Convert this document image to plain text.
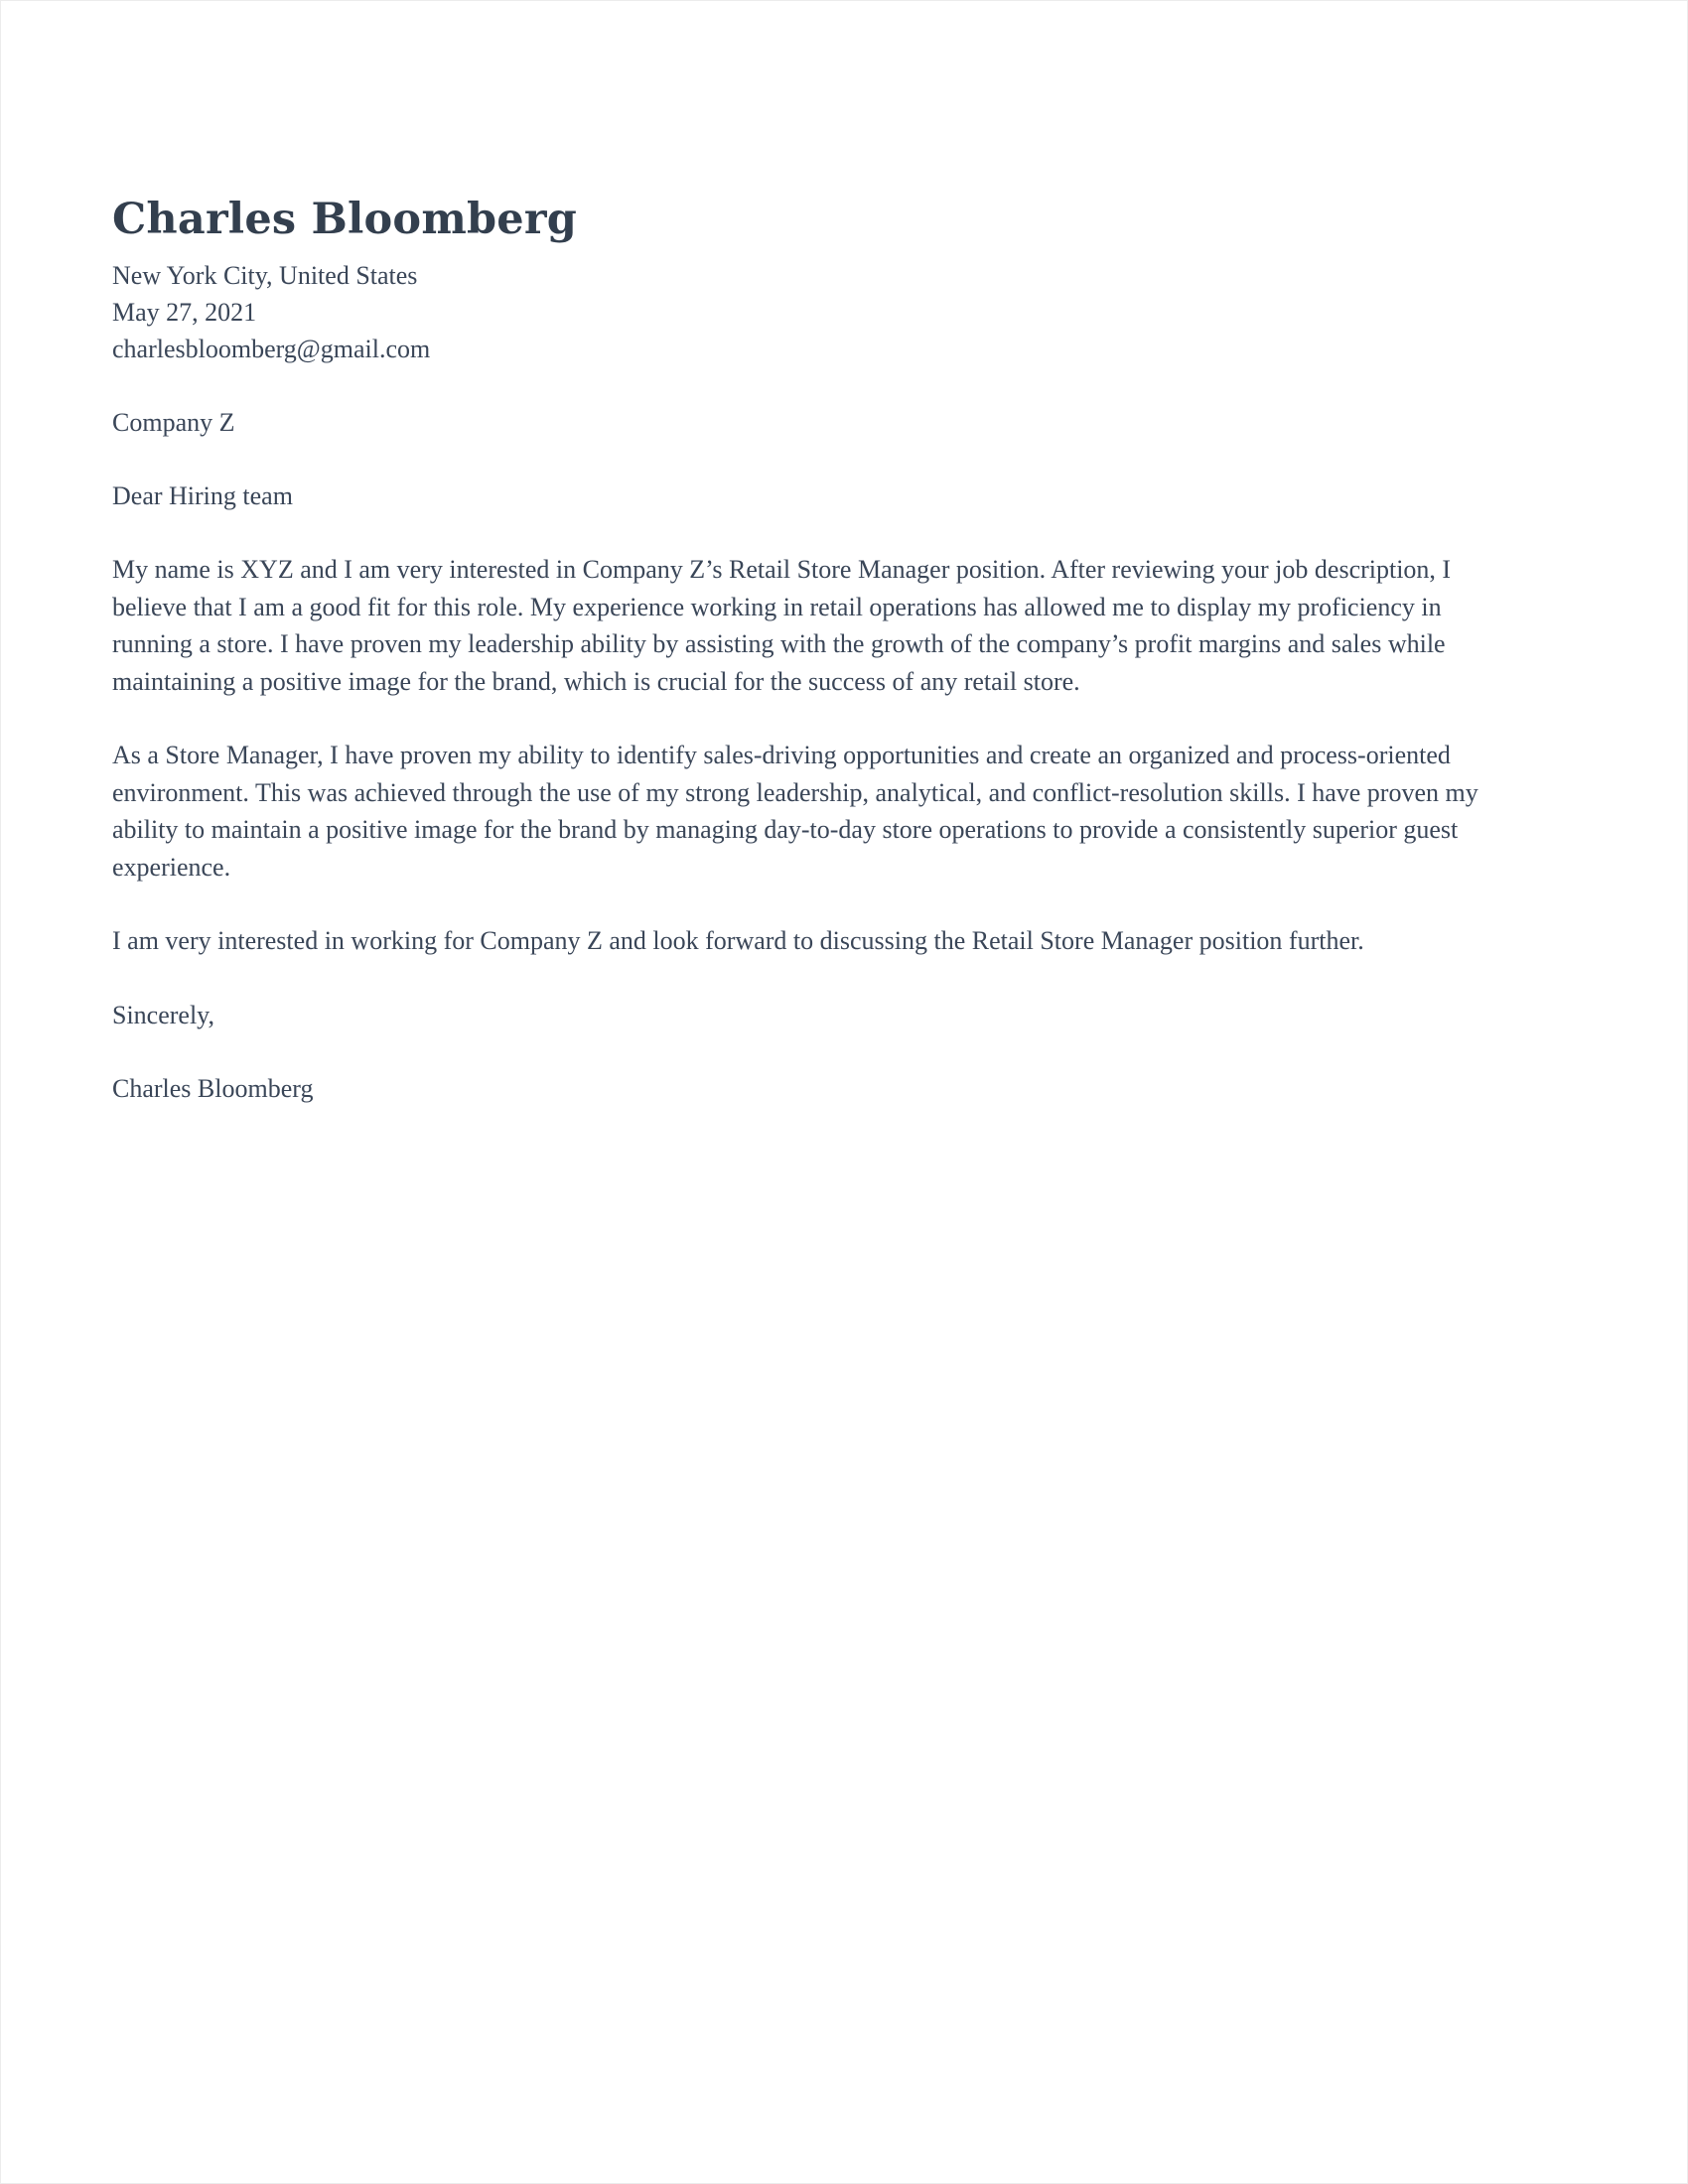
Charles Bloomberg
New York City, United States
May 27, 2021
charlesbloomberg@gmail.com
Company Z
Dear Hiring team

My name is XYZ and I am very interested in Company Z’s Retail Store Manager position. After reviewing your job description, I believe that I am a good fit for this role. My experience working in retail operations has allowed me to display my proficiency in running a store. I have proven my leadership ability by assisting with the growth of the company’s profit margins and sales while maintaining a positive image for the brand, which is crucial for the success of any retail store.

As a Store Manager, I have proven my ability to identify sales-driving opportunities and create an organized and process-oriented environment. This was achieved through the use of my strong leadership, analytical, and conflict-resolution skills. I have proven my ability to maintain a positive image for the brand by managing day-to-day store operations to provide a consistently superior guest experience.

I am very interested in working for Company Z and look forward to discussing the Retail Store Manager position further.

Sincerely,
Charles Bloomberg
